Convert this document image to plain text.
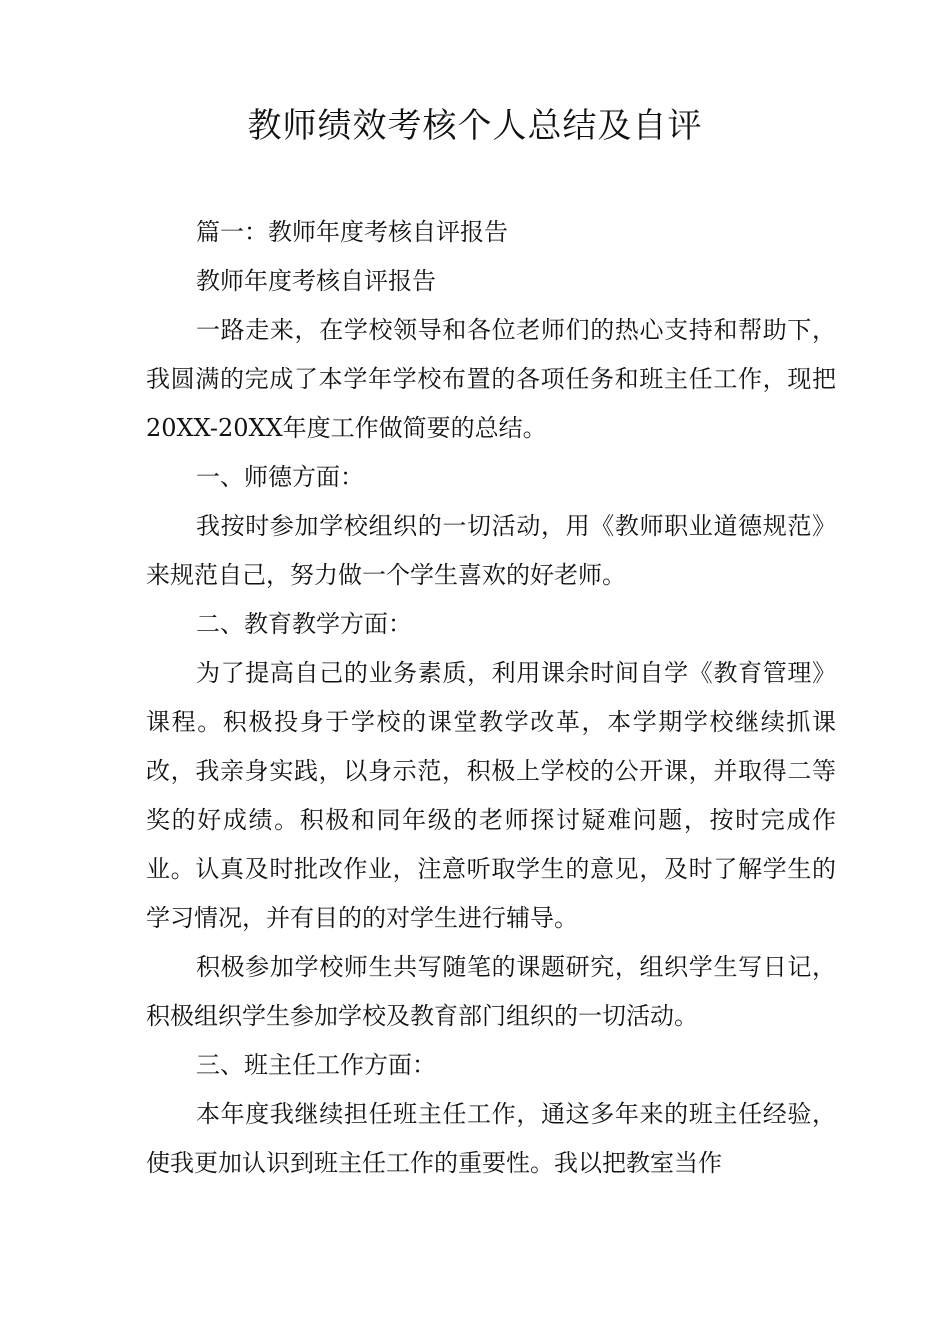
教师绩效考核个人总结及自评

篇一：教师年度考核自评报告

教师年度考核自评报告

一路走来，在学校领导和各位老师们的热心支持和帮助下，我圆满的完成了本学年学校布置的各项任务和班主任工作，现把20XX-20XX年度工作做简要的总结。

一、师德方面：

我按时参加学校组织的一切活动，用《教师职业道德规范》来规范自己，努力做一个学生喜欢的好老师。

二、教育教学方面：

为了提高自己的业务素质，利用课余时间自学《教育管理》课程。积极投身于学校的课堂教学改革，本学期学校继续抓课改，我亲身实践，以身示范，积极上学校的公开课，并取得二等奖的好成绩。积极和同年级的老师探讨疑难问题，按时完成作业。认真及时批改作业，注意听取学生的意见，及时了解学生的学习情况，并有目的的对学生进行辅导。

积极参加学校师生共写随笔的课题研究，组织学生写日记，积极组织学生参加学校及教育部门组织的一切活动。

三、班主任工作方面：

本年度我继续担任班主任工作，通这多年来的班主任经验，使我更加认识到班主任工作的重要性。我以把教室当作
